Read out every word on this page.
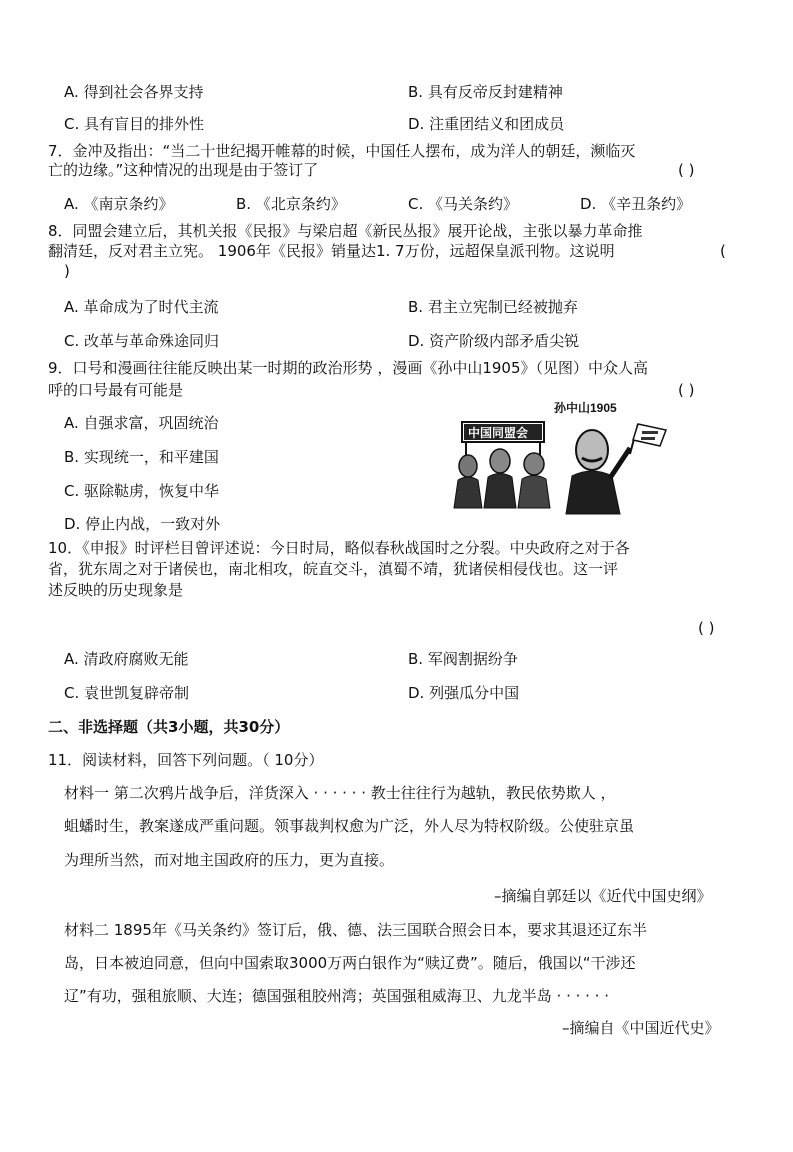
A. 得到社会各界支持	B. 具有反帝反封建精神
C. 具有盲目的排外性	D. 注重团结义和团成员
7．金冲及指出：“当二十世纪揭开帷幕的时候，中国任人摆布，成为洋人的朝廷，濒临灭
亡的边缘。”这种情况的出现是由于签订了	( )
A. 《南京条约》	B. 《北京条约》	C. 《马关条约》	D. 《辛丑条约》
8．同盟会建立后，其机关报《民报》与梁启超《新民丛报》展开论战，主张以暴力革命推
翻清廷，反对君主立宪。 1906年《民报》销量达1. 7万份，远超保皇派刊物。这说明	(
)
A. 革命成为了时代主流	B. 君主立宪制已经被抛弃
C. 改革与革命殊途同归	D. 资产阶级内部矛盾尖锐
9．口号和漫画往往能反映出某一时期的政治形势 ，漫画《孙中山1905》（见图）中众人高
呼的口号最有可能是	( )
A. 自强求富，巩固统治
B. 实现统一，和平建国
C. 驱除鞑虏，恢复中华
D. 停止内战，一致对外
孙中山1905
中国同盟会
10．《申报》时评栏目曾评述说：今日时局，略似春秋战国时之分裂。中央政府之对于各
省，犹东周之对于诸侯也，南北相攻，皖直交斗，滇蜀不靖，犹诸侯相侵伐也。这一评
述反映的历史现象是
( )
A. 清政府腐败无能	B. 军阀割据纷争
C. 袁世凯复辟帝制	D. 列强瓜分中国
二、非选择题（共3小题，共30分）
11．阅读材料，回答下列问题。（ 10分）
材料一 第二次鸦片战争后，洋货深入 · · · · · · 教士往往行为越轨，教民依势欺人 ，
蛆蟠时生，教案遂成严重问题。领事裁判权愈为广泛，外人尽为特权阶级。公使驻京虽
为理所当然，而对地主国政府的压力，更为直接。
–摘编自郭廷以《近代中国史纲》
材料二 1895年《马关条约》签订后，俄、德、法三国联合照会日本，要求其退还辽东半
岛，日本被迫同意，但向中国索取3000万两白银作为“赎辽费”。随后，俄国以“干涉还
辽”有功，强租旅顺、大连；德国强租胶州湾；英国强租威海卫、九龙半岛 · · · · · ·
–摘编自《中国近代史》
